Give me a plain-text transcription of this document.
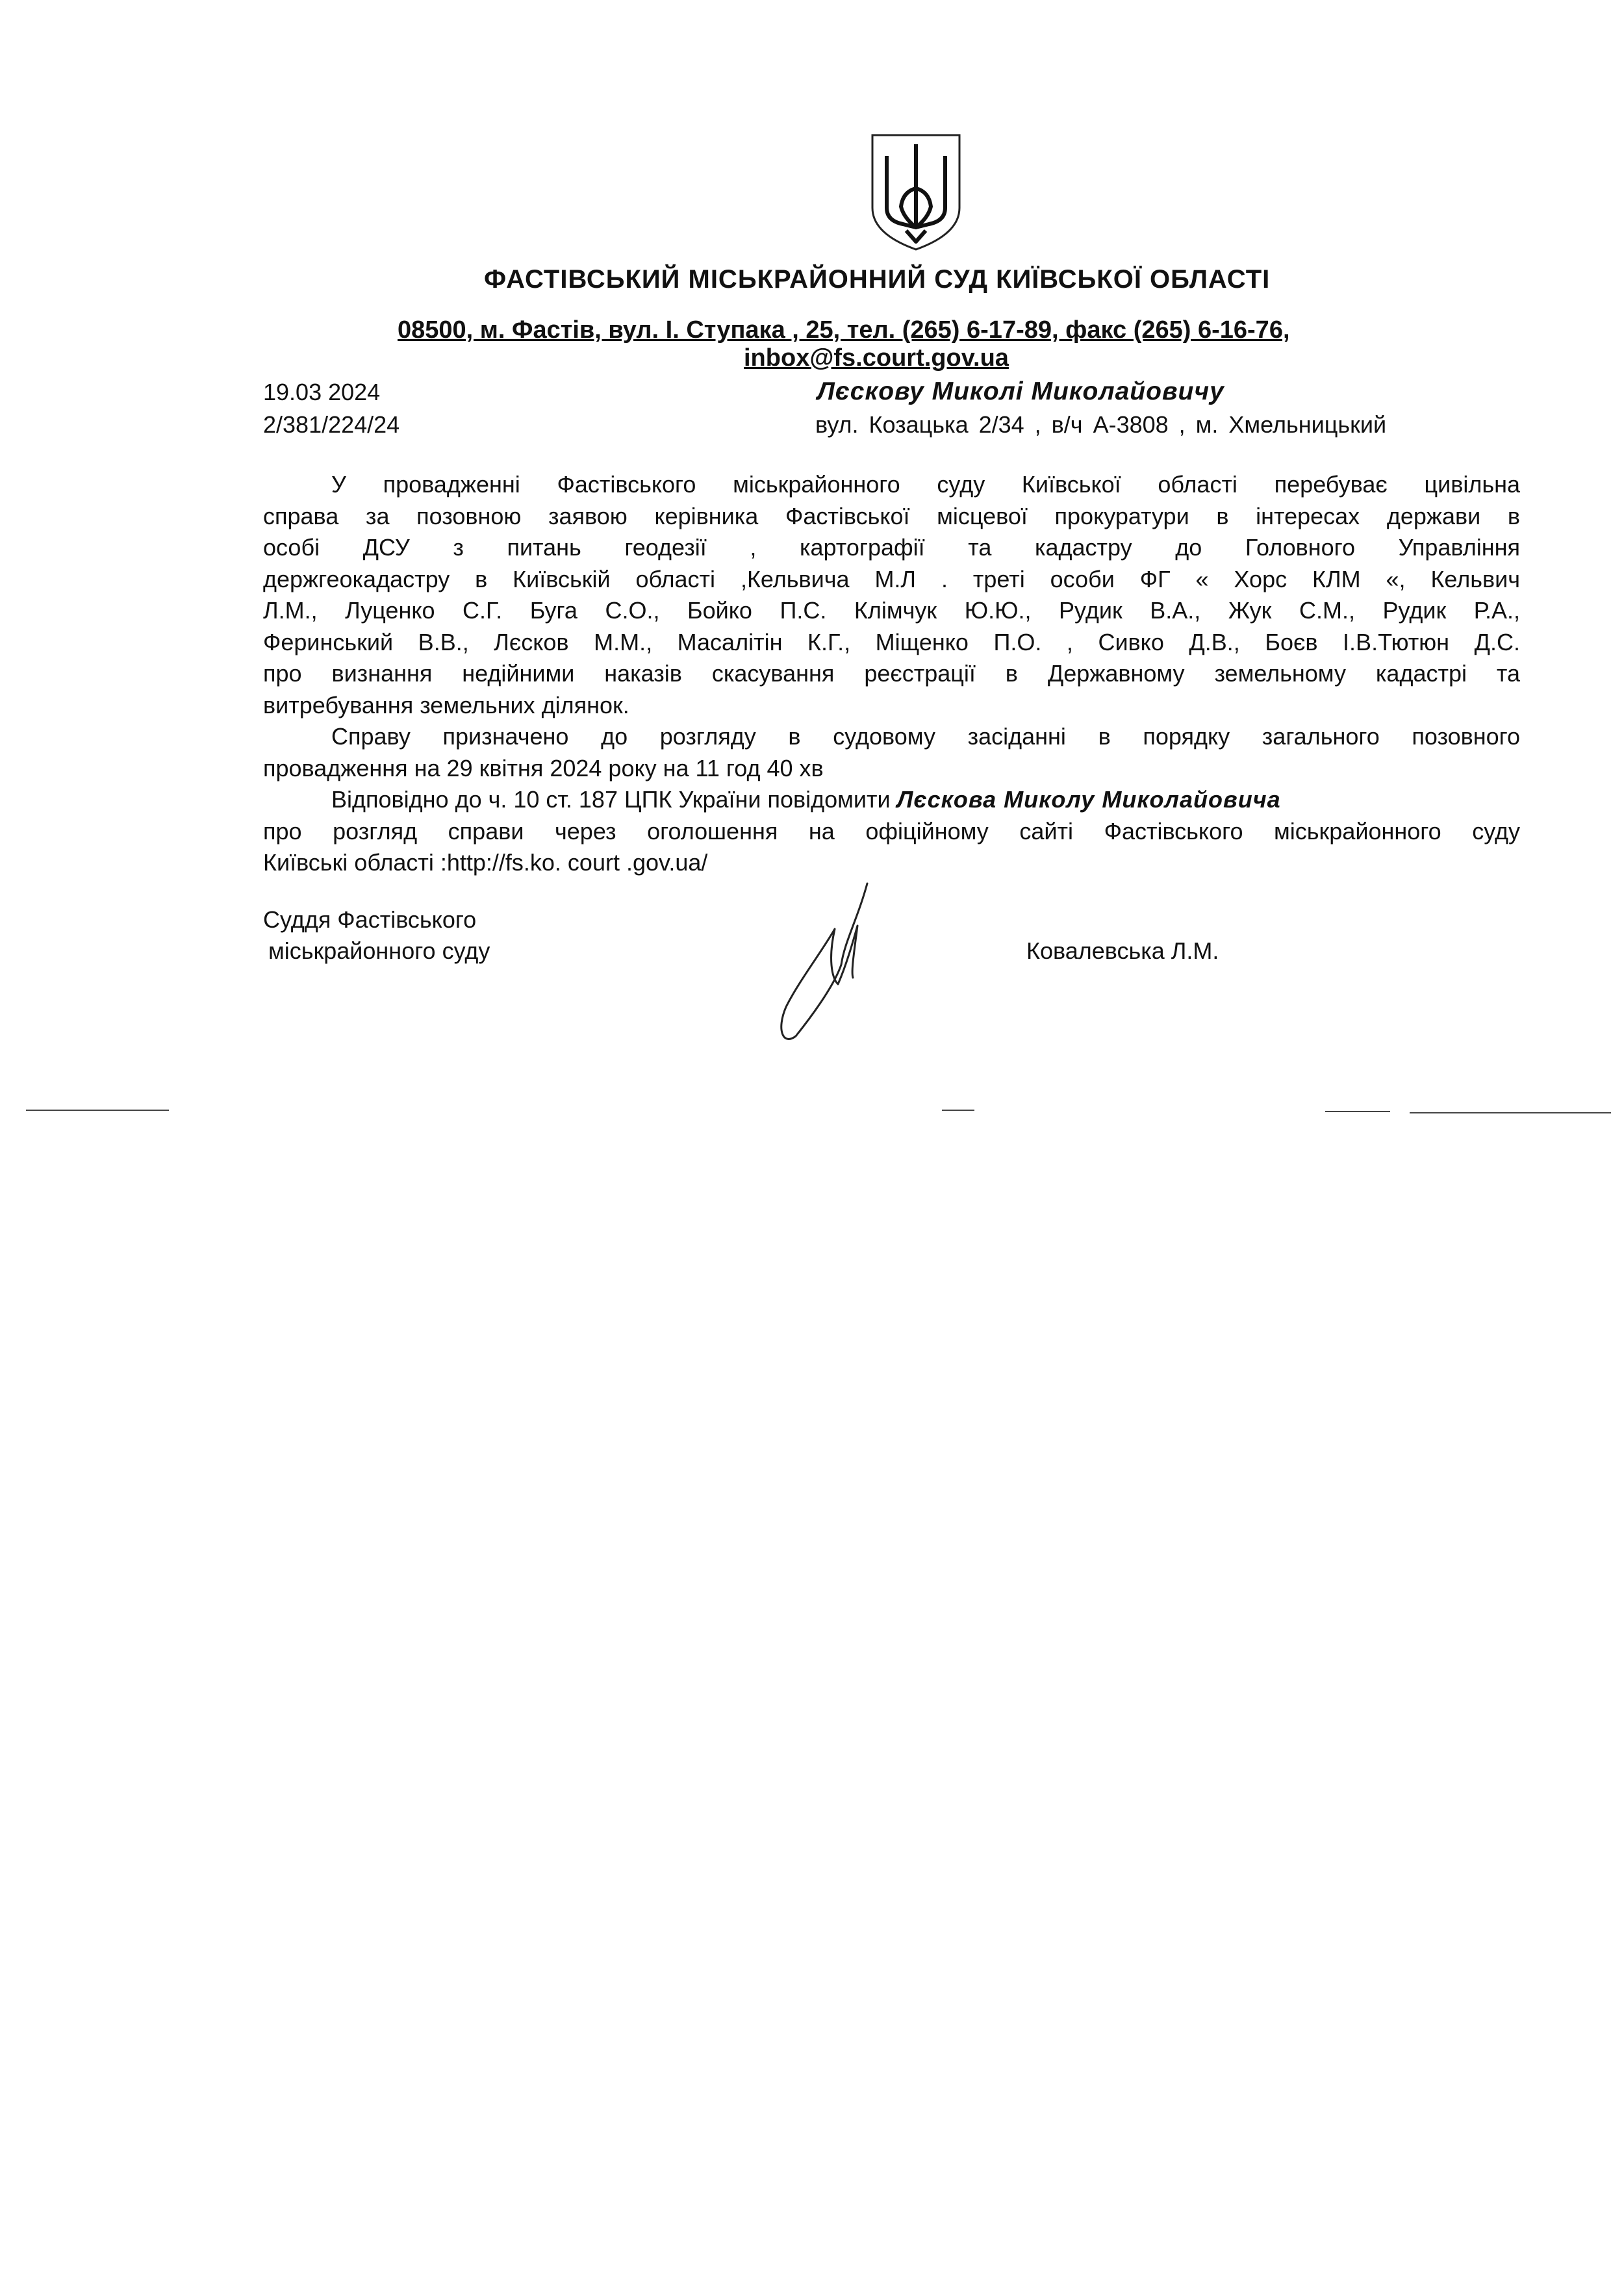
ФАСТІВСЬКИЙ МІСЬКРАЙОННИЙ СУД КИЇВСЬКОЇ ОБЛАСТІ
08500, м. Фастів, вул. І. Ступака , 25, тел. (265) 6-17-89, факс (265) 6-16-76,
inbox@fs.court.gov.ua
19.03 2024
2/381/224/24
Лєскову Миколі Миколайовичу
вул. Козацька 2/34 , в/ч А-3808 , м. Хмельницький

У провадженні Фастівського міськрайонного суду Київської області перебуває цивільна

справа за позовною заявою керівника Фастівської місцевої прокуратури в інтересах держави в

особі ДСУ з питань геодезії , картографії та кадастру до Головного Управління

держгеокадастру в Київській області ,Кельвича М.Л . треті особи ФГ « Хорс КЛМ «, Кельвич

Л.М., Луценко С.Г. Буга С.О., Бойко П.С. Клімчук Ю.Ю., Рудик В.А., Жук С.М., Рудик Р.А.,

Феринський В.В., Лєсков М.М., Масалітін К.Г., Міщенко П.О. , Сивко Д.В., Боєв І.В.Тютюн Д.С.

про визнання недійними наказів скасування реєстрації в Державному земельному кадастрі та

витребування земельних ділянок.

Справу призначено до розгляду в судовому засіданні в порядку загального позовного

провадження на 29 квітня 2024 року на 11 год 40 хв

Відповідно до ч. 10 ст. 187 ЦПК України повідомити Лєскова Миколу Миколайовича

про розгляд справи через оголошення на офіційному сайті Фастівського міськрайонного суду

Київські області :http://fs.ko. court .gov.ua/

Суддя Фастівського
міськрайонного суду	Ковалевська Л.М.
